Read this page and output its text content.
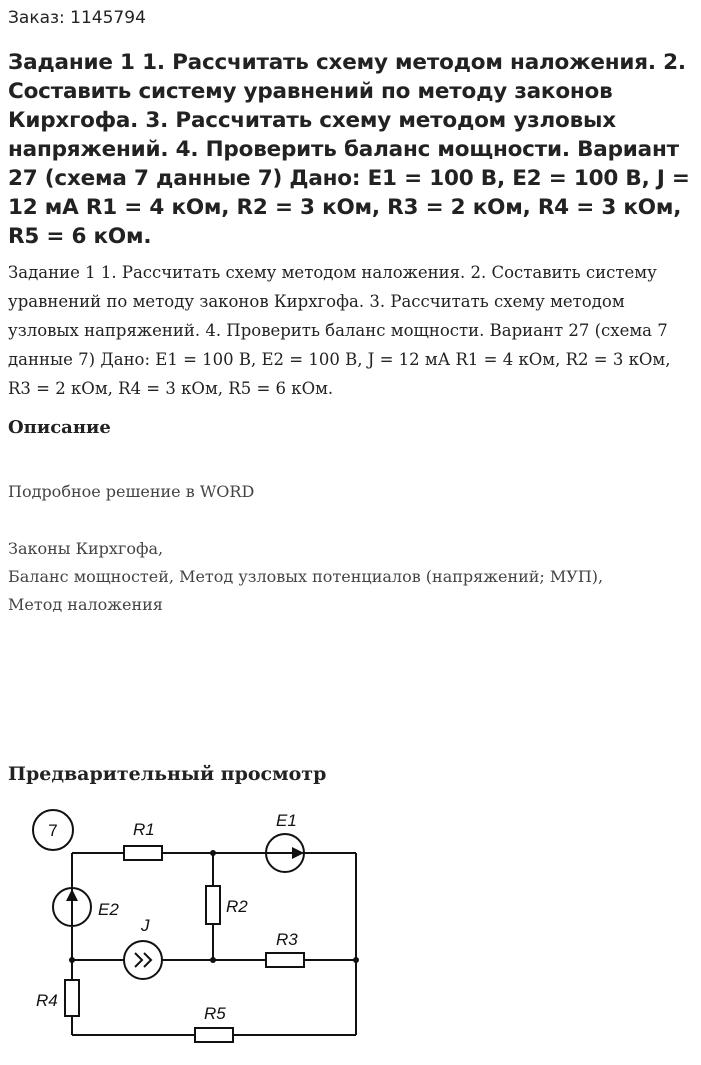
Заказ: 1145794
Задание 1 1. Рассчитать схему методом наложения. 2. Составить систему уравнений по методу законов Кирхгофа. 3. Рассчитать схему методом узловых напряжений. 4. Проверить баланс мощности. Вариант 27 (схема 7 данные 7) Дано: E1 = 100 В, E2 = 100 В, J = 12 мА R1 = 4 кОм, R2 = 3 кОм, R3 = 2 кОм, R4 = 3 кОм, R5 = 6 кОм.
Задание 1 1. Рассчитать схему методом наложения. 2. Составить систему уравнений по методу законов Кирхгофа. 3. Рассчитать схему методом узловых напряжений. 4. Проверить баланс мощности. Вариант 27 (схема 7 данные 7) Дано: E1 = 100 В, E2 = 100 В, J = 12 мА R1 = 4 кОм, R2 = 3 кОм, R3 = 2 кОм, R4 = 3 кОм, R5 = 6 кОм.
Описание
Подробное решение в WORD
Законы Кирхгофа,
Баланс мощностей, Метод узловых потенциалов (напряжений; МУП),
Метод наложения
Предварительный просмотр
7	R1	E1
E2	R2
J
R3
R4
R5
